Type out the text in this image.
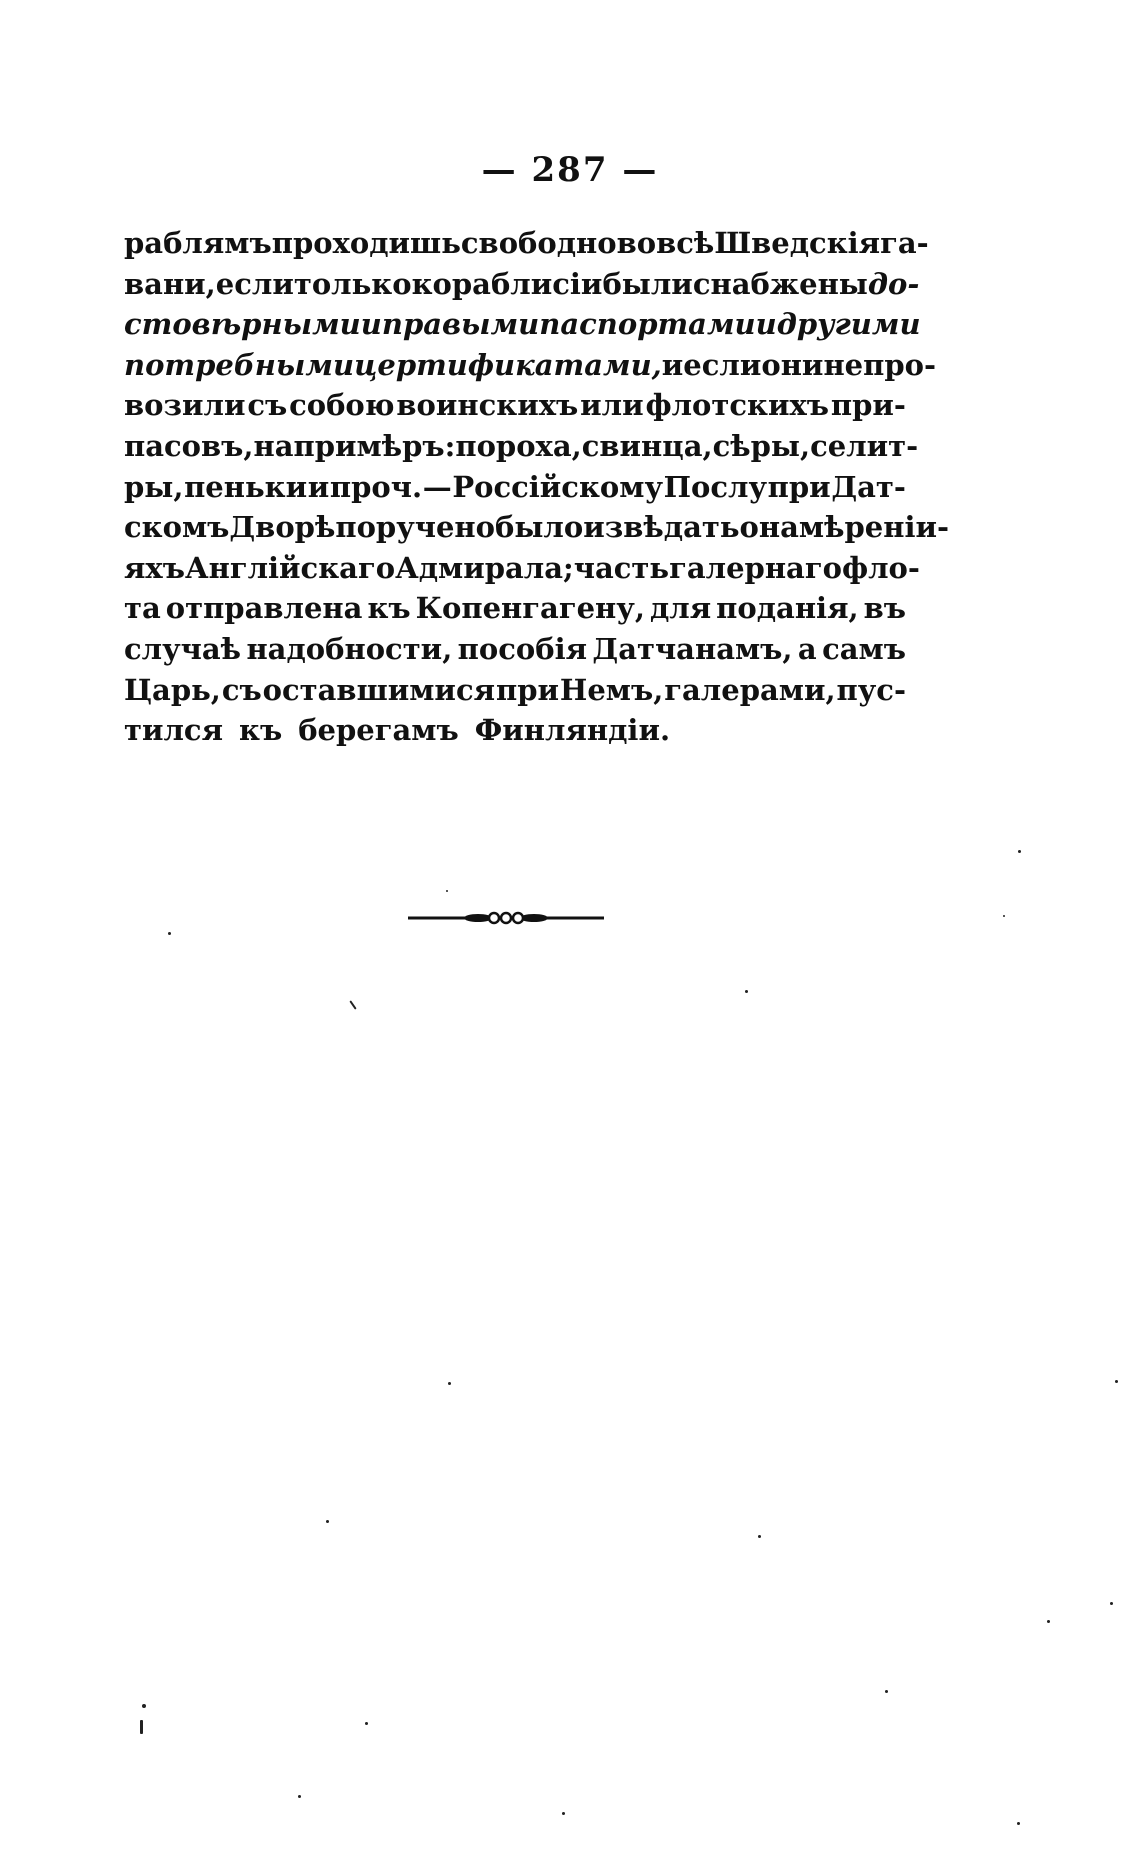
— 287 —
раблямъ проходишь свободно во всѣ Шведскія га-
вани, если только корабли сіи были снабжены до-
стовѣрными и правыми паспортами и другими
потребными цертификатами, и если они не про-
возили съ собою воинскихъ или флотскихъ при-
пасовъ, напримѣръ: пороха, свинца, сѣры, селит-
ры, пеньки и проч. — Россійскому Послу при Дат-
скомъ Дворѣ поручено было извѣдать о намѣреніи-
яхъ Англійскаго Адмирала; часть галернаго фло-
та отправлена къ Копенгагену, для поданія, въ
случаѣ надобности, пособія Датчанамъ, а самъ
Царь, съ оставшимися при Немъ, галерами, пус-
тился къ берегамъ Финляндіи.
